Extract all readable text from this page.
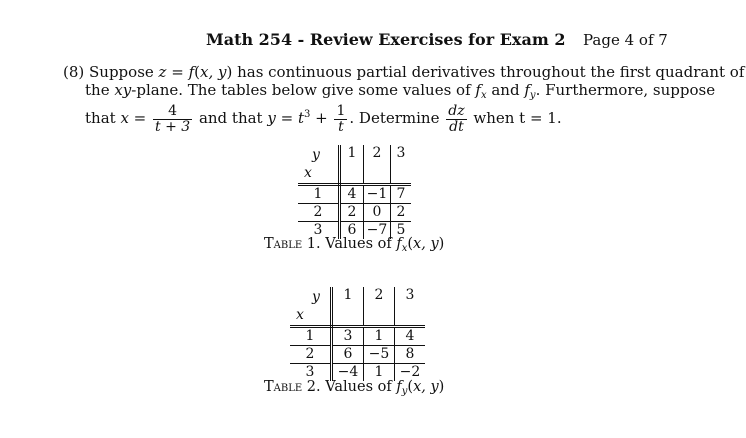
Math 254 - Review Exercises for Exam 2 Page 4 of 7
(8) Suppose z = f(x, y) has continuous partial derivatives throughout the first quadrant of
the xy-plane. The tables below give some values of $f_x$ and $f_y$. Furthermore, suppose
that $x = \frac{4}{t + 3}$ and that $y = t^3 + \frac{1}{t}$ . Determine $\frac{dz}{dt}$ when t = 1.
y
x	1	2	3
1	4	−1	7
2	2	0	2
3	6	−7	5
Table 1. Values of $f_x(x$, y)
y
x	1	2	3
1	3	1	4
2	6	−5	8
3	−4	1	−2
Table 2. Values of $f_y(x$, y)
